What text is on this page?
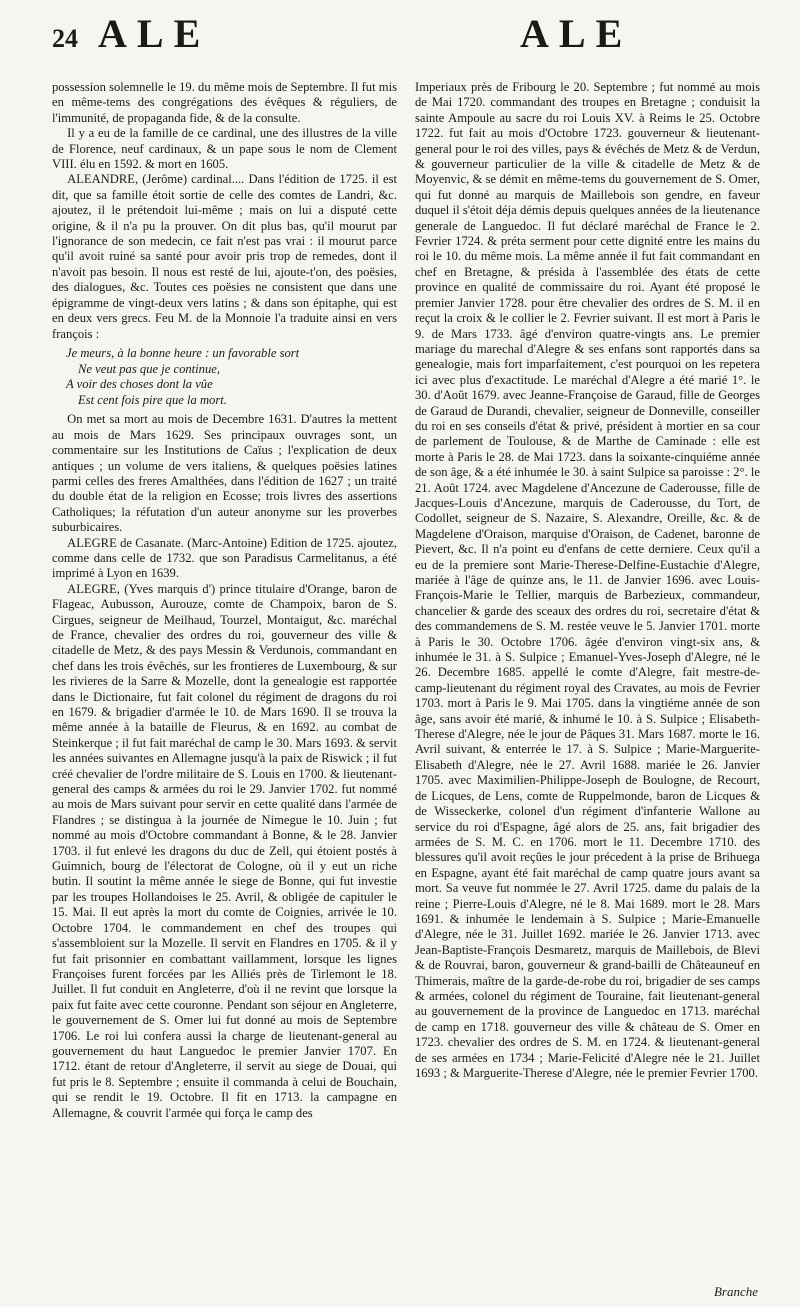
24 ALE	ALE

possession solemnelle le 19. du même mois de Septembre. Il fut mis en même-tems des congrégations des évêques & réguliers, de l'immunité, de propaganda fide, & de la consulte.

Il y a eu de la famille de ce cardinal, une des illustres de la ville de Florence, neuf cardinaux, & un pape sous le nom de Clement VIII. élu en 1592. & mort en 1605.

ALEANDRE, (Jerôme) cardinal.... Dans l'édition de 1725. il est dit, que sa famille étoit sortie de celle des comtes de Landri, &c. ajoutez, il le prétendoit lui-même ; mais on lui a disputé cette origine, & il n'a pu la prouver. On dit plus bas, qu'il mourut par l'ignorance de son medecin, ce fait n'est pas vrai : il mourut parce qu'il avoit ruiné sa santé pour avoir pris trop de remedes, dont il n'avoit pas besoin. Il nous est resté de lui, ajoute-t'on, des poësies, des dialogues, &c. Toutes ces poësies ne consistent que dans une épigramme de vingt-deux vers latins ; & dans son épitaphe, qui est en deux vers grecs. Feu M. de la Monnoie l'a traduite ainsi en vers françois :

Je meurs, à la bonne heure : un favorable sort
Ne veut pas que je continue,
A voir des choses dont la vûe
Est cent fois pire que la mort.

On met sa mort au mois de Decembre 1631. D'autres la mettent au mois de Mars 1629. Ses principaux ouvrages sont, un commentaire sur les Institutions de Caïus ; l'explication de deux antiques ; un volume de vers italiens, & quelques poësies latines parmi celles des freres Amalthées, dans l'édition de 1627 ; un traité du double état de la religion en Ecosse; trois livres des assertions Catholiques; la réfutation d'un auteur anonyme sur les proverbes suburbicaires.

ALEGRE de Casanate. (Marc-Antoine) Edition de 1725. ajoutez, comme dans celle de 1732. que son Paradisus Carmelitanus, a été imprimé à Lyon en 1639.

ALEGRE, (Yves marquis d') prince titulaire d'Orange, baron de Flageac, Aubusson, Aurouze, comte de Champoix, baron de S. Cirgues, seigneur de Meilhaud, Tourzel, Montaigut, &c. maréchal de France, chevalier des ordres du roi, gouverneur des ville & citadelle de Metz, & des pays Messin & Verdunois, commandant en chef dans les trois évêchés, sur les frontieres de Luxembourg, & sur les rivieres de la Sarre & Mozelle, dont la genealogie est rapportée dans le Dictionaire, fut fait colonel du régiment de dragons du roi en 1679. & brigadier d'armée le 10. de Mars 1690. Il se trouva la même année à la bataille de Fleurus, & en 1692. au combat de Steinkerque ; il fut fait maréchal de camp le 30. Mars 1693. & servit les années suivantes en Allemagne jusqu'à la paix de Riswick ; il fut créé chevalier de l'ordre militaire de S. Louis en 1700. & lieutenant-general des camps & armées du roi le 29. Janvier 1702. fut nommé au mois de Mars suivant pour servir en cette qualité dans l'armée de Flandres ; se distingua à la journée de Nimegue le 10. Juin ; fut nommé au mois d'Octobre commandant à Bonne, & le 28. Janvier 1703. il fut enlevé les dragons du duc de Zell, qui étoient postés à Guimnich, bourg de l'électorat de Cologne, où il y eut un riche butin. Il soutint la même année le siege de Bonne, qui fut investie par les troupes Hollandoises le 25. Avril, & obligée de capituler le 15. Mai. Il eut après la mort du comte de Coignies, arrivée le 10. Octobre 1704. le commandement en chef des troupes qui s'assembloient sur la Mozelle. Il servit en Flandres en 1705. & il y fut fait prisonnier en combattant vaillamment, lorsque les lignes Françoises furent forcées par les Alliés près de Tirlemont le 18. Juillet. Il fut conduit en Angleterre, d'où il ne revint que lorsque la paix fut faite avec cette couronne. Pendant son séjour en Angleterre, le gouvernement de S. Omer lui fut donné au mois de Septembre 1706. Le roi lui confera aussi la charge de lieutenant-general au gouvernement du haut Languedoc le premier Janvier 1707. En 1712. étant de retour d'Angleterre, il servit au siege de Douai, qui fut pris le 8. Septembre ; ensuite il commanda à celui de Bouchain, qui se rendit le 19. Octobre. Il fit en 1713. la campagne en Allemagne, & couvrit l'armée qui força le camp des

Imperiaux près de Fribourg le 20. Septembre ; fut nommé au mois de Mai 1720. commandant des troupes en Bretagne ; conduisit la sainte Ampoule au sacre du roi Louis XV. à Reims le 25. Octobre 1722. fut fait au mois d'Octobre 1723. gouverneur & lieutenant-general pour le roi des villes, pays & évêchés de Metz & de Verdun, & gouverneur particulier de la ville & citadelle de Metz & de Moyenvic, & se démit en même-tems du gouvernement de S. Omer, qui fut donné au marquis de Maillebois son gendre, en faveur duquel il s'étoit déja démis depuis quelques années de la lieutenance generale de Languedoc. Il fut déclaré maréchal de France le 2. Fevrier 1724. & préta serment pour cette dignité entre les mains du roi le 10. du même mois. La même année il fut fait commandant en chef en Bretagne, & présida à l'assemblée des états de cette province en qualité de commissaire du roi. Ayant été proposé le premier Janvier 1728. pour être chevalier des ordres de S. M. il en reçut la croix & le collier le 2. Fevrier suivant. Il est mort à Paris le 9. de Mars 1733. âgé d'environ quatre-vingts ans. Le premier mariage du marechal d'Alegre & ses enfans sont rapportés dans sa genealogie, mais fort imparfaitement, c'est pourquoi on les repetera ici avec plus d'exactitude. Le maréchal d'Alegre a été marié 1°. le 30. d'Août 1679. avec Jeanne-Françoise de Garaud, fille de Georges de Garaud de Durandi, chevalier, seigneur de Donneville, conseiller du roi en ses conseils d'état & privé, président à mortier en sa cour de parlement de Toulouse, & de Marthe de Caminade : elle est morte à Paris le 28. de Mai 1723. dans la soixante-cinquiéme année de son âge, & a été inhumée le 30. à saint Sulpice sa paroisse : 2°. le 21. Août 1724. avec Magdelene d'Ancezune de Caderousse, fille de Jacques-Louis d'Ancezune, marquis de Caderousse, du Tort, de Codollet, seigneur de S. Nazaire, S. Alexandre, Oreille, &c. & de Magdelene d'Oraison, marquise d'Oraison, de Cadenet, baronne de Pievert, &c. Il n'a point eu d'enfans de cette derniere. Ceux qu'il a eu de la premiere sont Marie-Therese-Delfine-Eustachie d'Alegre, mariée à l'âge de quinze ans, le 11. de Janvier 1696. avec Louis-François-Marie le Tellier, marquis de Barbezieux, commandeur, chancelier & garde des sceaux des ordres du roi, secretaire d'état & des commandemens de S. M. restée veuve le 5. Janvier 1701. morte à Paris le 30. Octobre 1706. âgée d'environ vingt-six ans, & inhumée le 31. à S. Sulpice ; Emanuel-Yves-Joseph d'Alegre, né le 26. Decembre 1685. appellé le comte d'Alegre, fait mestre-de-camp-lieutenant du régiment royal des Cravates, au mois de Fevrier 1703. mort à Paris le 9. Mai 1705. dans la vingtiéme année de son âge, sans avoir été marié, & inhumé le 10. à S. Sulpice ; Elisabeth-Therese d'Alegre, née le jour de Pâques 31. Mars 1687. morte le 16. Avril suivant, & enterrée le 17. à S. Sulpice ; Marie-Marguerite-Elisabeth d'Alegre, née le 27. Avril 1688. mariée le 26. Janvier 1705. avec Maximilien-Philippe-Joseph de Boulogne, de Recourt, de Licques, de Lens, comte de Ruppelmonde, baron de Licques & de Wisseckerke, colonel d'un régiment d'infanterie Wallone au service du roi d'Espagne, âgé alors de 25. ans, fait brigadier des armées de S. M. C. en 1706. mort le 11. Decembre 1710. des blessures qu'il avoit reçûes le jour précedent à la prise de Brihuega en Espagne, ayant été fait maréchal de camp quatre jours avant sa mort. Sa veuve fut nommée le 27. Avril 1725. dame du palais de la reine ; Pierre-Louis d'Alegre, né le 8. Mai 1689. mort le 28. Mars 1691. & inhumée le lendemain à S. Sulpice ; Marie-Emanuelle d'Alegre, née le 31. Juillet 1692. mariée le 26. Janvier 1713. avec Jean-Baptiste-François Desmaretz, marquis de Maillebois, de Blevi & de Rouvrai, baron, gouverneur & grand-bailli de Châteauneuf en Thimerais, maître de la garde-de-robe du roi, brigadier de ses camps & armées, colonel du régiment de Touraine, fait lieutenant-general au gouvernement de la province de Languedoc en 1713. maréchal de camp en 1718. gouverneur des ville & château de S. Omer en 1723. chevalier des ordres de S. M. en 1724. & lieutenant-general de ses armées en 1734 ; Marie-Felicité d'Alegre née le 21. Juillet 1693 ; & Marguerite-Therese d'Alegre, née le premier Fevrier 1700.

Branche
